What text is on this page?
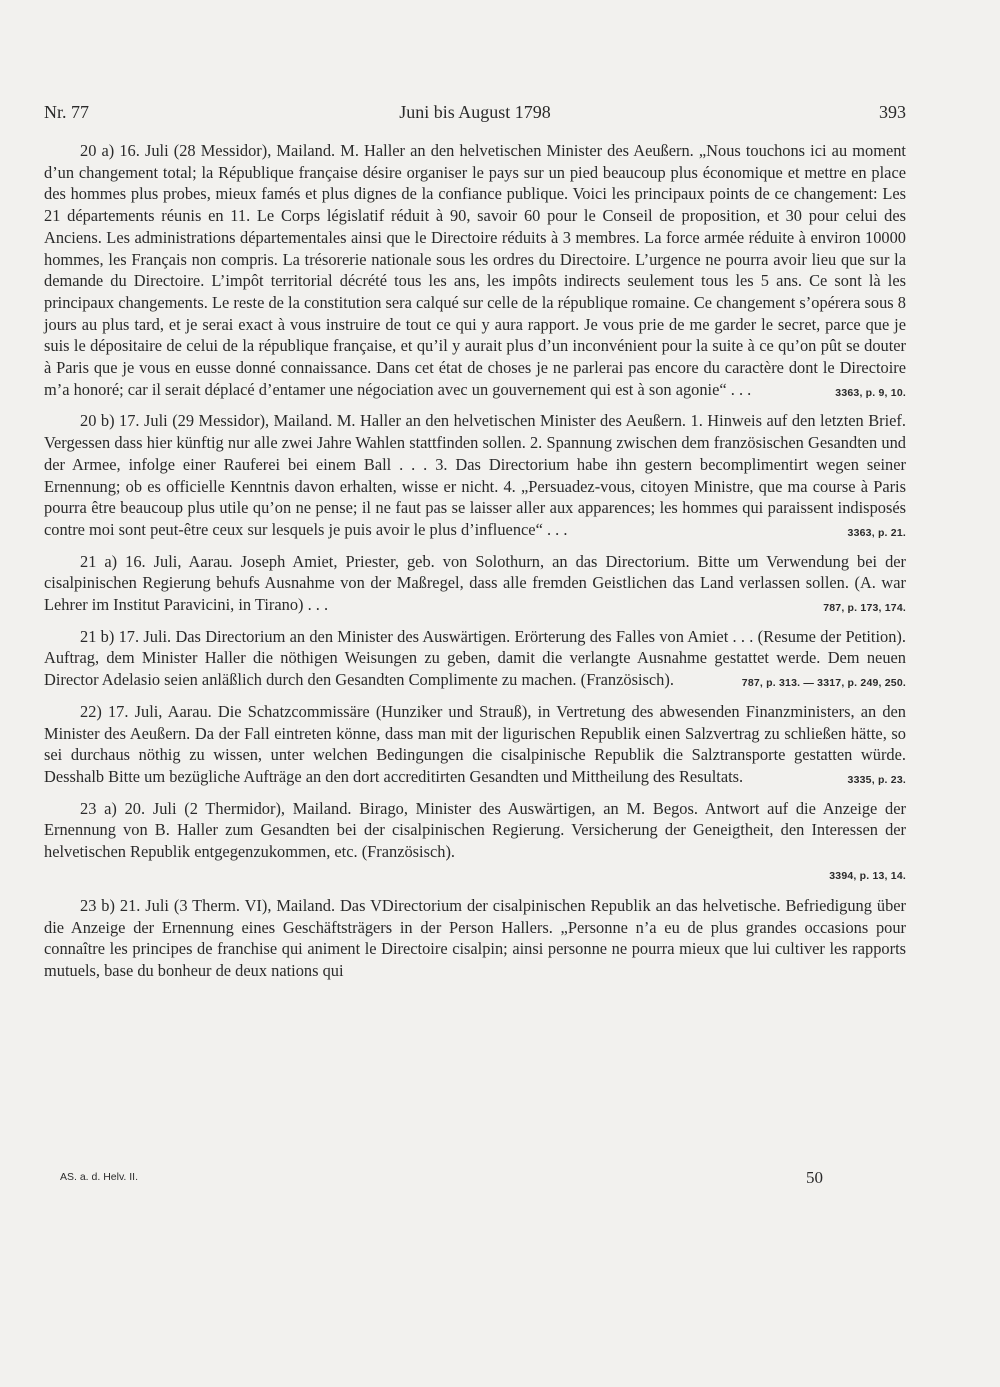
Nr. 77	Juni bis August 1798	393
20 a) 16. Juli (28 Messidor), Mailand. M. Haller an den helvetischen Minister des Aeußern. „Nous touchons ici au moment d’un changement total; la République française désire organiser le pays sur un pied beaucoup plus économique et mettre en place des hommes plus probes, mieux famés et plus dignes de la confiance publique. Voici les principaux points de ce changement: Les 21 départements réunis en 11. Le Corps législatif réduit à 90, savoir 60 pour le Conseil de proposition, et 30 pour celui des Anciens. Les administrations départementales ainsi que le Directoire réduits à 3 membres. La force armée réduite à environ 10000 hommes, les Français non compris. La trésorerie nationale sous les ordres du Directoire. L’urgence ne pourra avoir lieu que sur la demande du Directoire. L’impôt territorial décrété tous les ans, les impôts indirects seulement tous les 5 ans. Ce sont là les principaux changements. Le reste de la constitution sera calqué sur celle de la république romaine. Ce changement s’opérera sous 8 jours au plus tard, et je serai exact à vous instruire de tout ce qui y aura rapport. Je vous prie de me garder le secret, parce que je suis le dépositaire de celui de la république française, et qu’il y aurait plus d’un inconvénient pour la suite à ce qu’on pût se douter à Paris que je vous en eusse donné connaissance. Dans cet état de choses je ne parlerai pas encore du caractère dont le Directoire m’a honoré; car il serait déplacé d’entamer une négociation avec un gouvernement qui est à son agonie“ . . .	3363, p. 9, 10.
20 b) 17. Juli (29 Messidor), Mailand. M. Haller an den helvetischen Minister des Aeußern. 1. Hinweis auf den letzten Brief. Vergessen dass hier künftig nur alle zwei Jahre Wahlen stattfinden sollen. 2. Spannung zwischen dem französischen Gesandten und der Armee, infolge einer Rauferei bei einem Ball . . . 3. Das Directorium habe ihn gestern becomplimentirt wegen seiner Ernennung; ob es officielle Kenntnis davon erhalten, wisse er nicht. 4. „Persuadez-vous, citoyen Ministre, que ma course à Paris pourra être beaucoup plus utile qu’on ne pense; il ne faut pas se laisser aller aux apparences; les hommes qui paraissent indisposés contre moi sont peut-être ceux sur lesquels je puis avoir le plus d’influence“ . . .	3363, p. 21.
21 a) 16. Juli, Aarau. Joseph Amiet, Priester, geb. von Solothurn, an das Directorium. Bitte um Verwendung bei der cisalpinischen Regierung behufs Ausnahme von der Maßregel, dass alle fremden Geistlichen das Land verlassen sollen. (A. war Lehrer im Institut Paravicini, in Tirano) . . .	787, p. 173, 174.
21 b) 17. Juli. Das Directorium an den Minister des Auswärtigen. Erörterung des Falles von Amiet . . . (Resume der Petition). Auftrag, dem Minister Haller die nöthigen Weisungen zu geben, damit die verlangte Ausnahme gestattet werde. Dem neuen Director Adelasio seien anläßlich durch den Gesandten Complimente zu machen. (Französisch).	787, p. 313. — 3317, p. 249, 250.
22) 17. Juli, Aarau. Die Schatzcommissäre (Hunziker und Strauß), in Vertretung des abwesenden Finanzministers, an den Minister des Aeußern. Da der Fall eintreten könne, dass man mit der ligurischen Republik einen Salzvertrag zu schließen hätte, so sei durchaus nöthig zu wissen, unter welchen Bedingungen die cisalpinische Republik die Salztransporte gestatten würde. Desshalb Bitte um bezügliche Aufträge an den dort accreditirten Gesandten und Mittheilung des Resultats.	3335, p. 23.
23 a) 20. Juli (2 Thermidor), Mailand. Birago, Minister des Auswärtigen, an M. Begos. Antwort auf die Anzeige der Ernennung von B. Haller zum Gesandten bei der cisalpinischen Regierung. Versicherung der Geneigtheit, den Interessen der helvetischen Republik entgegenzukommen, etc. (Französisch).
3394, p. 13, 14.
23 b) 21. Juli (3 Therm. VI), Mailand. Das VDirectorium der cisalpinischen Republik an das helvetische. Befriedigung über die Anzeige der Ernennung eines Geschäftsträgers in der Person Hallers. „Personne n’a eu de plus grandes occasions pour connaître les principes de franchise qui animent le Directoire cisalpin; ainsi personne ne pourra mieux que lui cultiver les rapports mutuels, base du bonheur de deux nations qui
AS. a. d. Helv. II.	50
